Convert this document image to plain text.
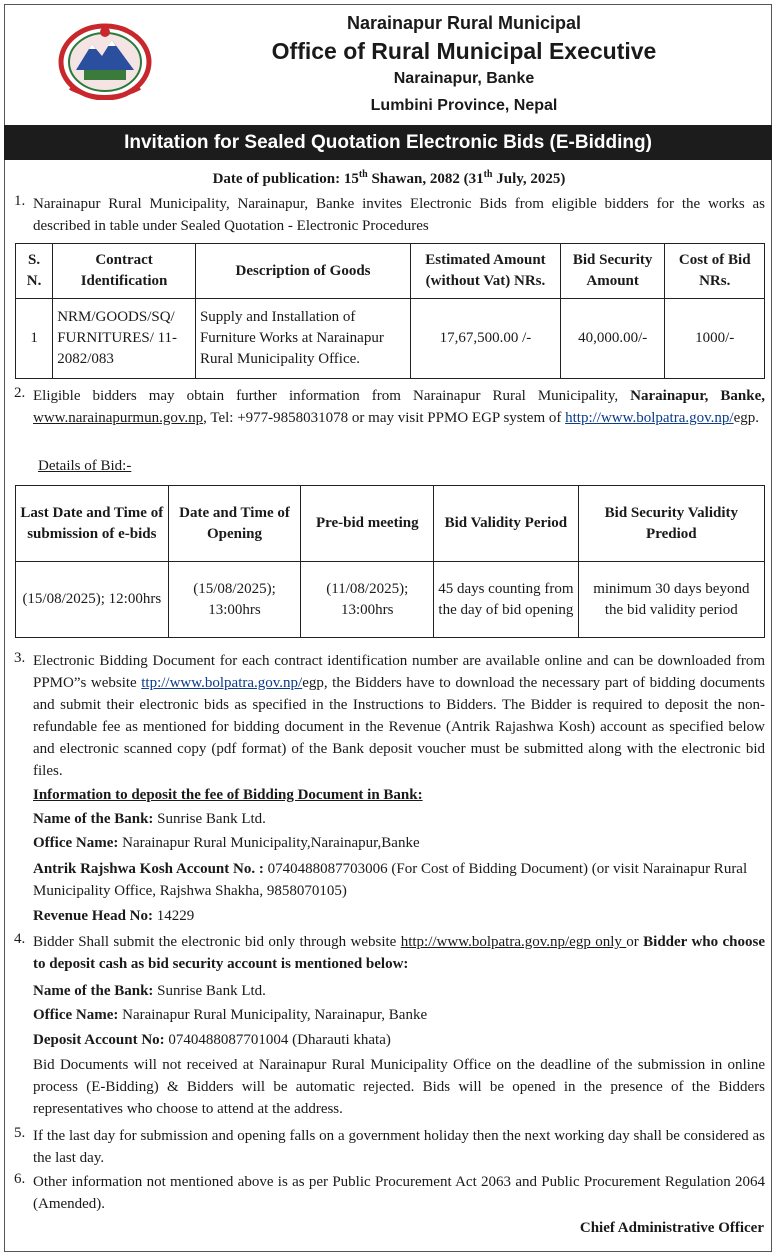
Narainapur Rural Municipal
Office of Rural Municipal Executive
Narainapur, Banke
Lumbini Province, Nepal
Invitation for Sealed Quotation Electronic Bids (E-Bidding)
Date of publication: 15th Shawan, 2082 (31th July, 2025)
1. Narainapur Rural Municipality, Narainapur, Banke invites Electronic Bids from eligible bidders for the works as described in table under Sealed Quotation - Electronic Procedures
S. N.	Contract Identification	Description of Goods	Estimated Amount (without Vat) NRs.	Bid Security Amount	Cost of Bid NRs.
1	NRM/GOODS/SQ/ FURNITURES/ 11-2082/083	Supply and Installation of Furniture Works at Narainapur Rural Municipality Office.	17,67,500.00 /-	40,000.00/-	1000/-
2. Eligible bidders may obtain further information from Narainapur Rural Municipality, Narainapur, Banke, www.narainapurmun.gov.np, Tel: +977-9858031078 or may visit PPMO EGP system of http://www.bolpatra.gov.np/egp.
Details of Bid:-
Last Date and Time of submission of e-bids	Date and Time of Opening	Pre-bid meeting	Bid Validity Period	Bid Security Validity Prediod
(15/08/2025); 12:00hrs	(15/08/2025); 13:00hrs	(11/08/2025); 13:00hrs	45 days counting from the day of bid opening	minimum 30 days beyond the bid validity period
3. Electronic Bidding Document for each contract identification number are available online and can be downloaded from PPMO”s website ttp://www.bolpatra.gov.np/egp, the Bidders have to download the necessary part of bidding documents and submit their electronic bids as specified in the Instructions to Bidders. The Bidder is required to deposit the non-refundable fee as mentioned for bidding document in the Revenue (Antrik Rajashwa Kosh) account as specified below and electronic scanned copy (pdf format) of the Bank deposit voucher must be submitted along with the electronic bid files.
Information to deposit the fee of Bidding Document in Bank:
Name of the Bank: Sunrise Bank Ltd.
Office Name: Narainapur Rural Municipality,Narainapur,Banke
Antrik Rajshwa Kosh Account No. : 0740488087703006 (For Cost of Bidding Document) (or visit Narainapur Rural Municipality Office, Rajshwa Shakha, 9858070105)
Revenue Head No: 14229
4. Bidder Shall submit the electronic bid only through website http://www.bolpatra.gov.np/egp only or Bidder who choose to deposit cash as bid security account is mentioned below:
Name of the Bank: Sunrise Bank Ltd.
Office Name: Narainapur Rural Municipality, Narainapur, Banke
Deposit Account No: 0740488087701004 (Dharauti khata)
Bid Documents will not received at Narainapur Rural Municipality Office on the deadline of the submission in online process (E-Bidding) & Bidders will be automatic rejected. Bids will be opened in the presence of the Bidders representatives who choose to attend at the address.
5. If the last day for submission and opening falls on a government holiday then the next working day shall be considered as the last day.
6. Other information not mentioned above is as per Public Procurement Act 2063 and Public Procurement Regulation 2064 (Amended).
Chief Administrative Officer
